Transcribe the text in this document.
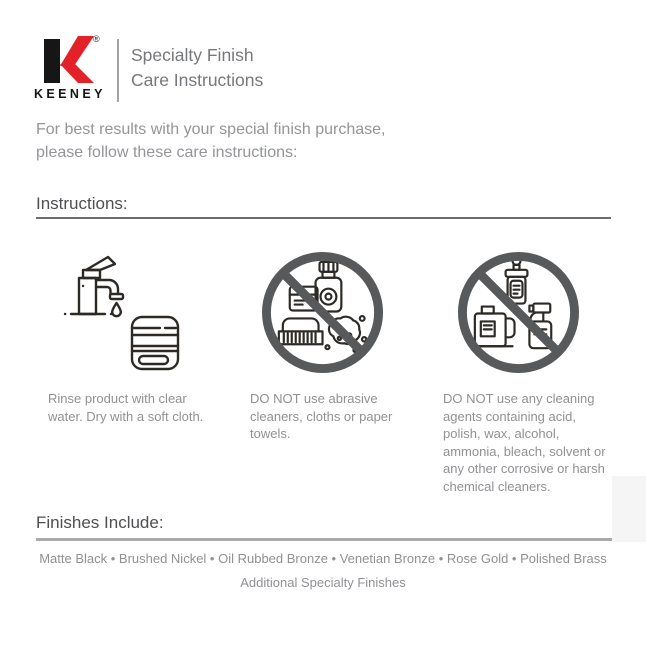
®
KEENEY
Specialty Finish
Care Instructions
For best results with your special finish purchase,
please follow these care instructions:
Instructions:
Rinse product with clear water. Dry with a soft cloth.
DO NOT use abrasive cleaners, cloths or paper towels.
DO NOT use any cleaning agents containing acid, polish, wax, alcohol, ammonia, bleach, solvent or any other corrosive or harsh chemical cleaners.
Finishes Include:
Matte Black • Brushed Nickel • Oil Rubbed Bronze • Venetian Bronze • Rose Gold • Polished Brass
Additional Specialty Finishes
